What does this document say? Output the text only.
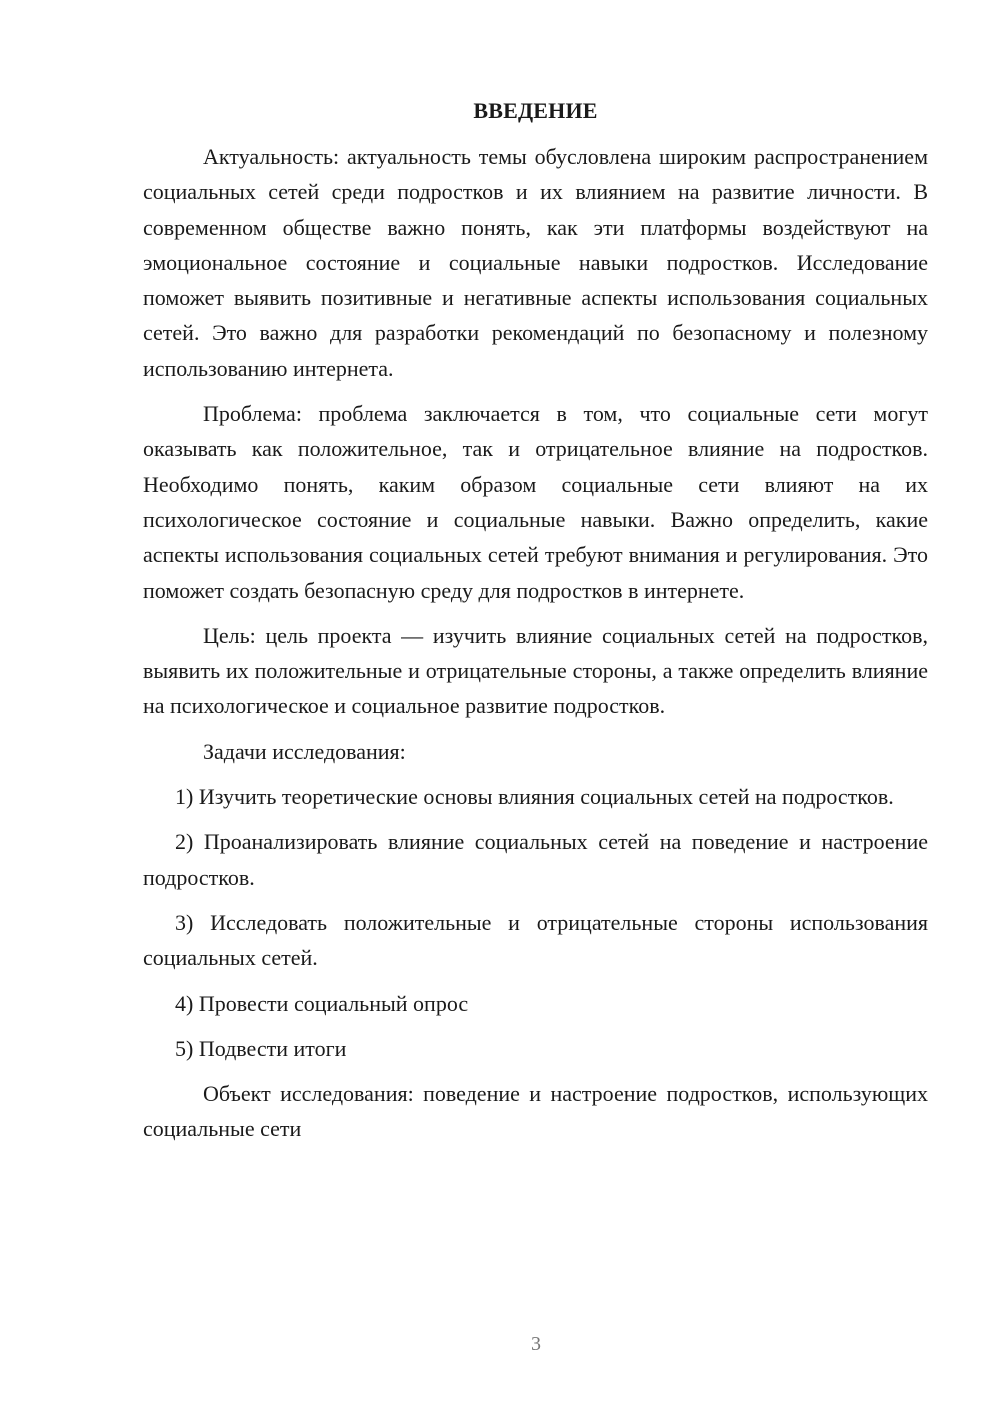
ВВЕДЕНИЕ

Актуальность: актуальность темы обусловлена широким распространением социальных сетей среди подростков и их влиянием на развитие личности. В современном обществе важно понять, как эти платформы воздействуют на эмоциональное состояние и социальные навыки подростков. Исследование поможет выявить позитивные и негативные аспекты использования социальных сетей. Это важно для разработки рекомендаций по безопасному и полезному использованию интернета.

Проблема: проблема заключается в том, что социальные сети могут оказывать как положительное, так и отрицательное влияние на подростков. Необходимо понять, каким образом социальные сети влияют на их психологическое состояние и социальные навыки. Важно определить, какие аспекты использования социальных сетей требуют внимания и регулирования. Это поможет создать безопасную среду для подростков в интернете.

Цель: цель проекта — изучить влияние социальных сетей на подростков, выявить их положительные и отрицательные стороны, а также определить влияние на психологическое и социальное развитие подростков.

Задачи исследования:

1) Изучить теоретические основы влияния социальных сетей на подростков.

2) Проанализировать влияние социальных сетей на поведение и настроение подростков.

3) Исследовать положительные и отрицательные стороны использования социальных сетей.

4) Провести социальный опрос

5) Подвести итоги

Объект исследования: поведение и настроение подростков, использующих социальные сети

3
